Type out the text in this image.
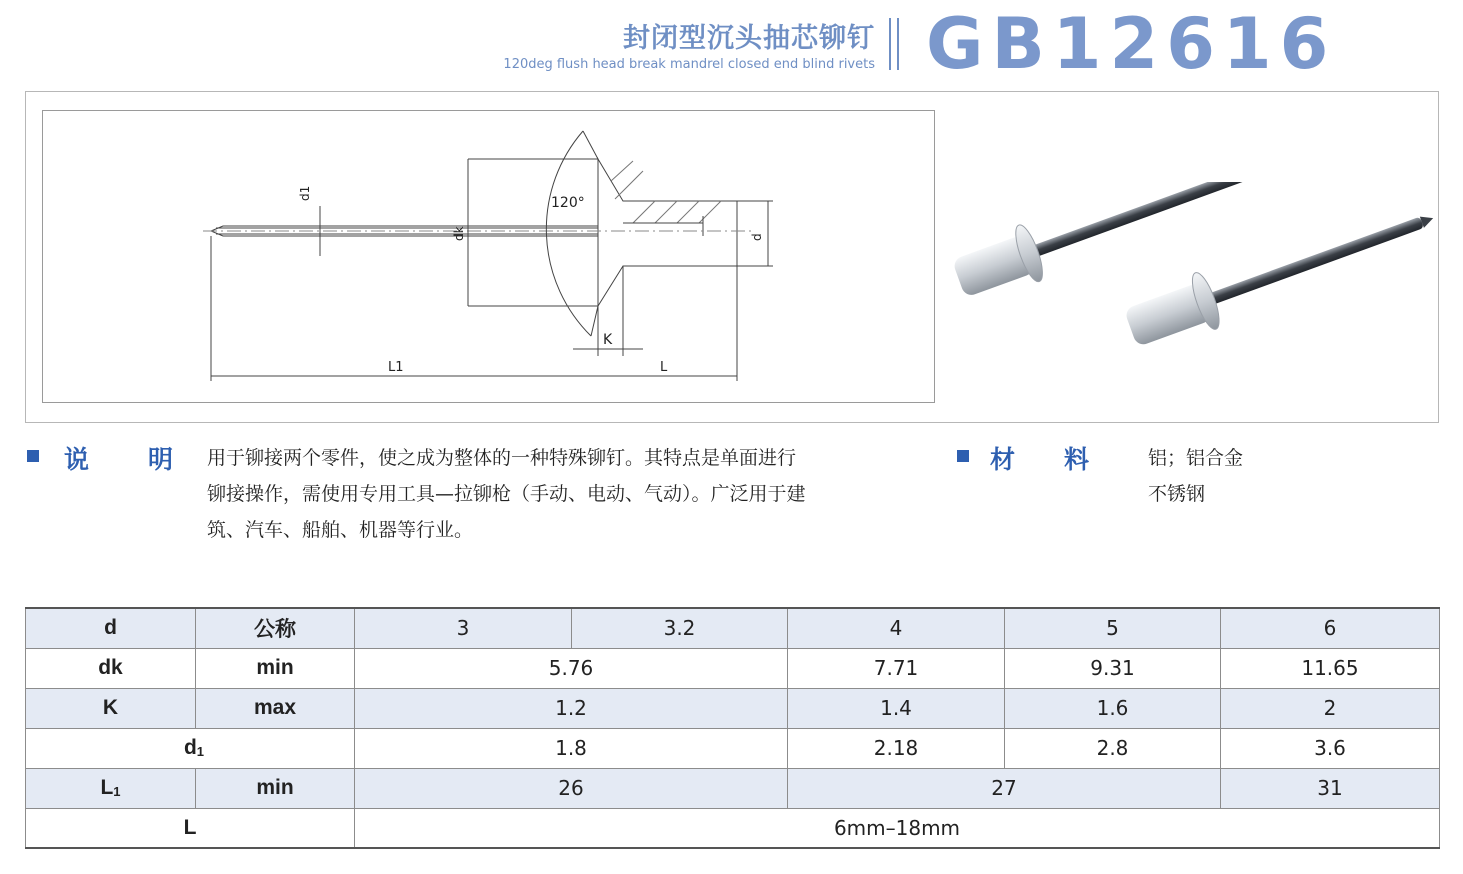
封闭型沉头抽芯铆钉
120deg flush head break mandrel closed end blind rivets GB12616
120°
d1
dk	d
K
L1	L
说 明 用于铆接两个零件，使之成为整体的一种特殊铆钉。其特点是单面进行铆接操作，需使用专用工具—拉铆枪（手动、电动、气动）。广泛用于建筑、汽车、船舶、机器等行业。
材 料	铝；铝合金
不锈钢
d	公称	3	3.2	4	5	6
dk	min	5.76		7.71	9.31	11.65
K	max	1.2		1.4	1.6	2
$d_1$		1.8		2.18	2.8	3.6
$L_1$	min	26		27		31
L		6mm–18mm				
